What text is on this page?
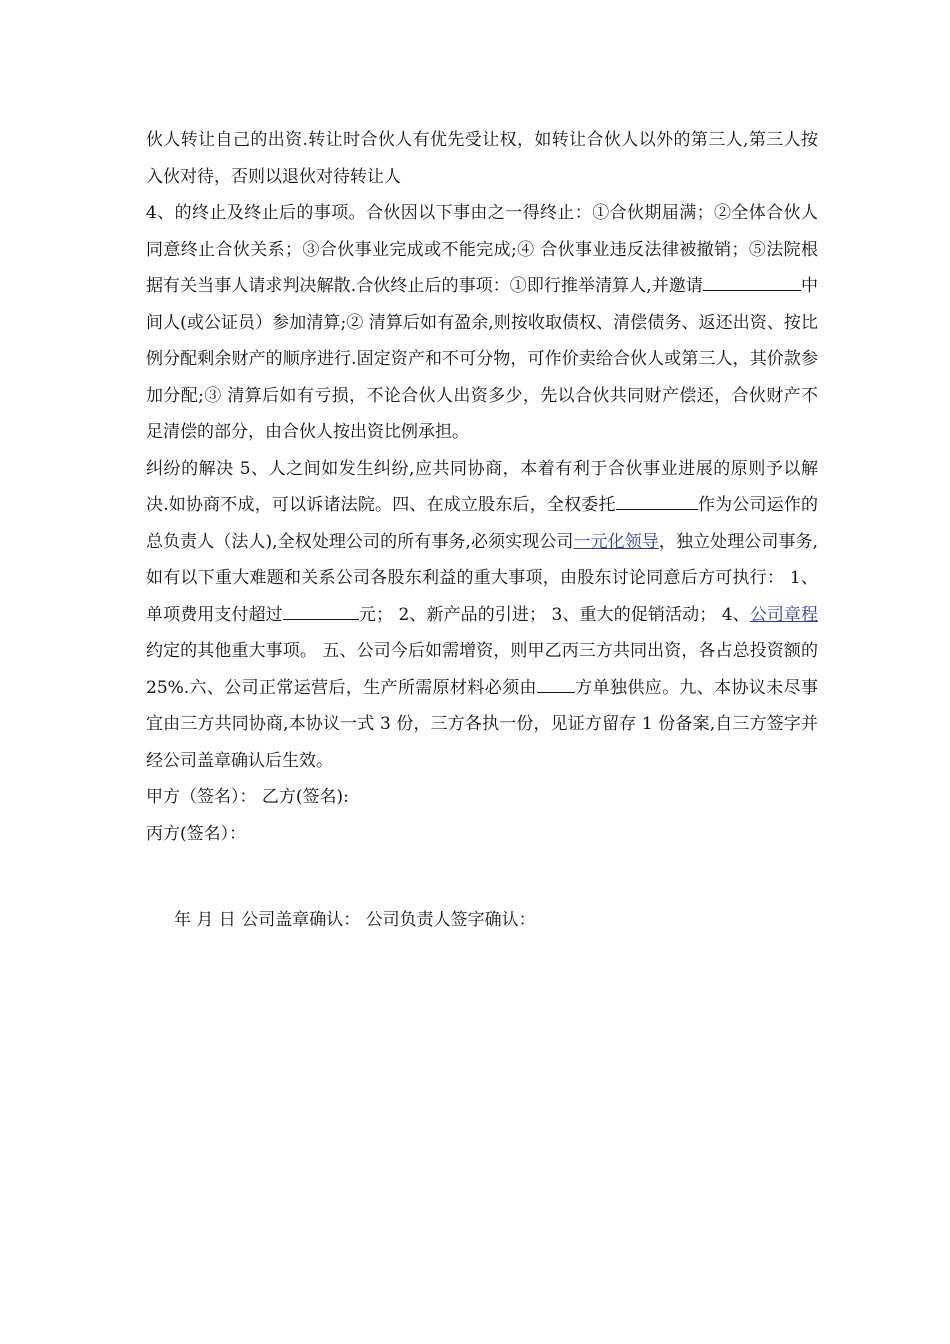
伙人转让自己的出资.转让时合伙人有优先受让权，如转让合伙人以外的第三人,第三人按入伙对待，否则以退伙对待转让人

4、的终止及终止后的事项。合伙因以下事由之一得终止：①合伙期届满；②全体合伙人同意终止合伙关系；③合伙事业完成或不能完成;④ 合伙事业违反法律被撤销；⑤法院根据有关当事人请求判决解散.合伙终止后的事项：①即行推举清算人,并邀请	中间人(或公证员）参加清算;② 清算后如有盈余,则按收取债权、清偿债务、返还出资、按比例分配剩余财产的顺序进行.固定资产和不可分物，可作价卖给合伙人或第三人，其价款参加分配;③ 清算后如有亏损，不论合伙人出资多少，先以合伙共同财产偿还，合伙财产不足清偿的部分，由合伙人按出资比例承担。

纠纷的解决 5、人之间如发生纠纷,应共同协商，本着有利于合伙事业进展的原则予以解决.如协商不成，可以诉诸法院。四、在成立股东后，全权委托	作为公司运作的总负责人（法人),全权处理公司的所有事务,必须实现公司一元化领导，独立处理公司事务,如有以下重大难题和关系公司各股东利益的重大事项，由股东讨论同意后方可执行： 1、单项费用支付超过	元； 2、新产品的引进； 3、重大的促销活动； 4、公司章程约定的其他重大事项。 五、公司今后如需增资，则甲乙丙三方共同出资，各占总投资额的 25%.六、公司正常运营后，生产所需原材料必须由 方单独供应。九、本协议未尽事宜由三方共同协商,本协议一式 3 份，三方各执一份，见证方留存 1 份备案,自三方签字并经公司盖章确认后生效。

甲方（签名）： 乙方(签名):

丙方(签名）：

年 月 日 公司盖章确认： 公司负责人签字确认：
